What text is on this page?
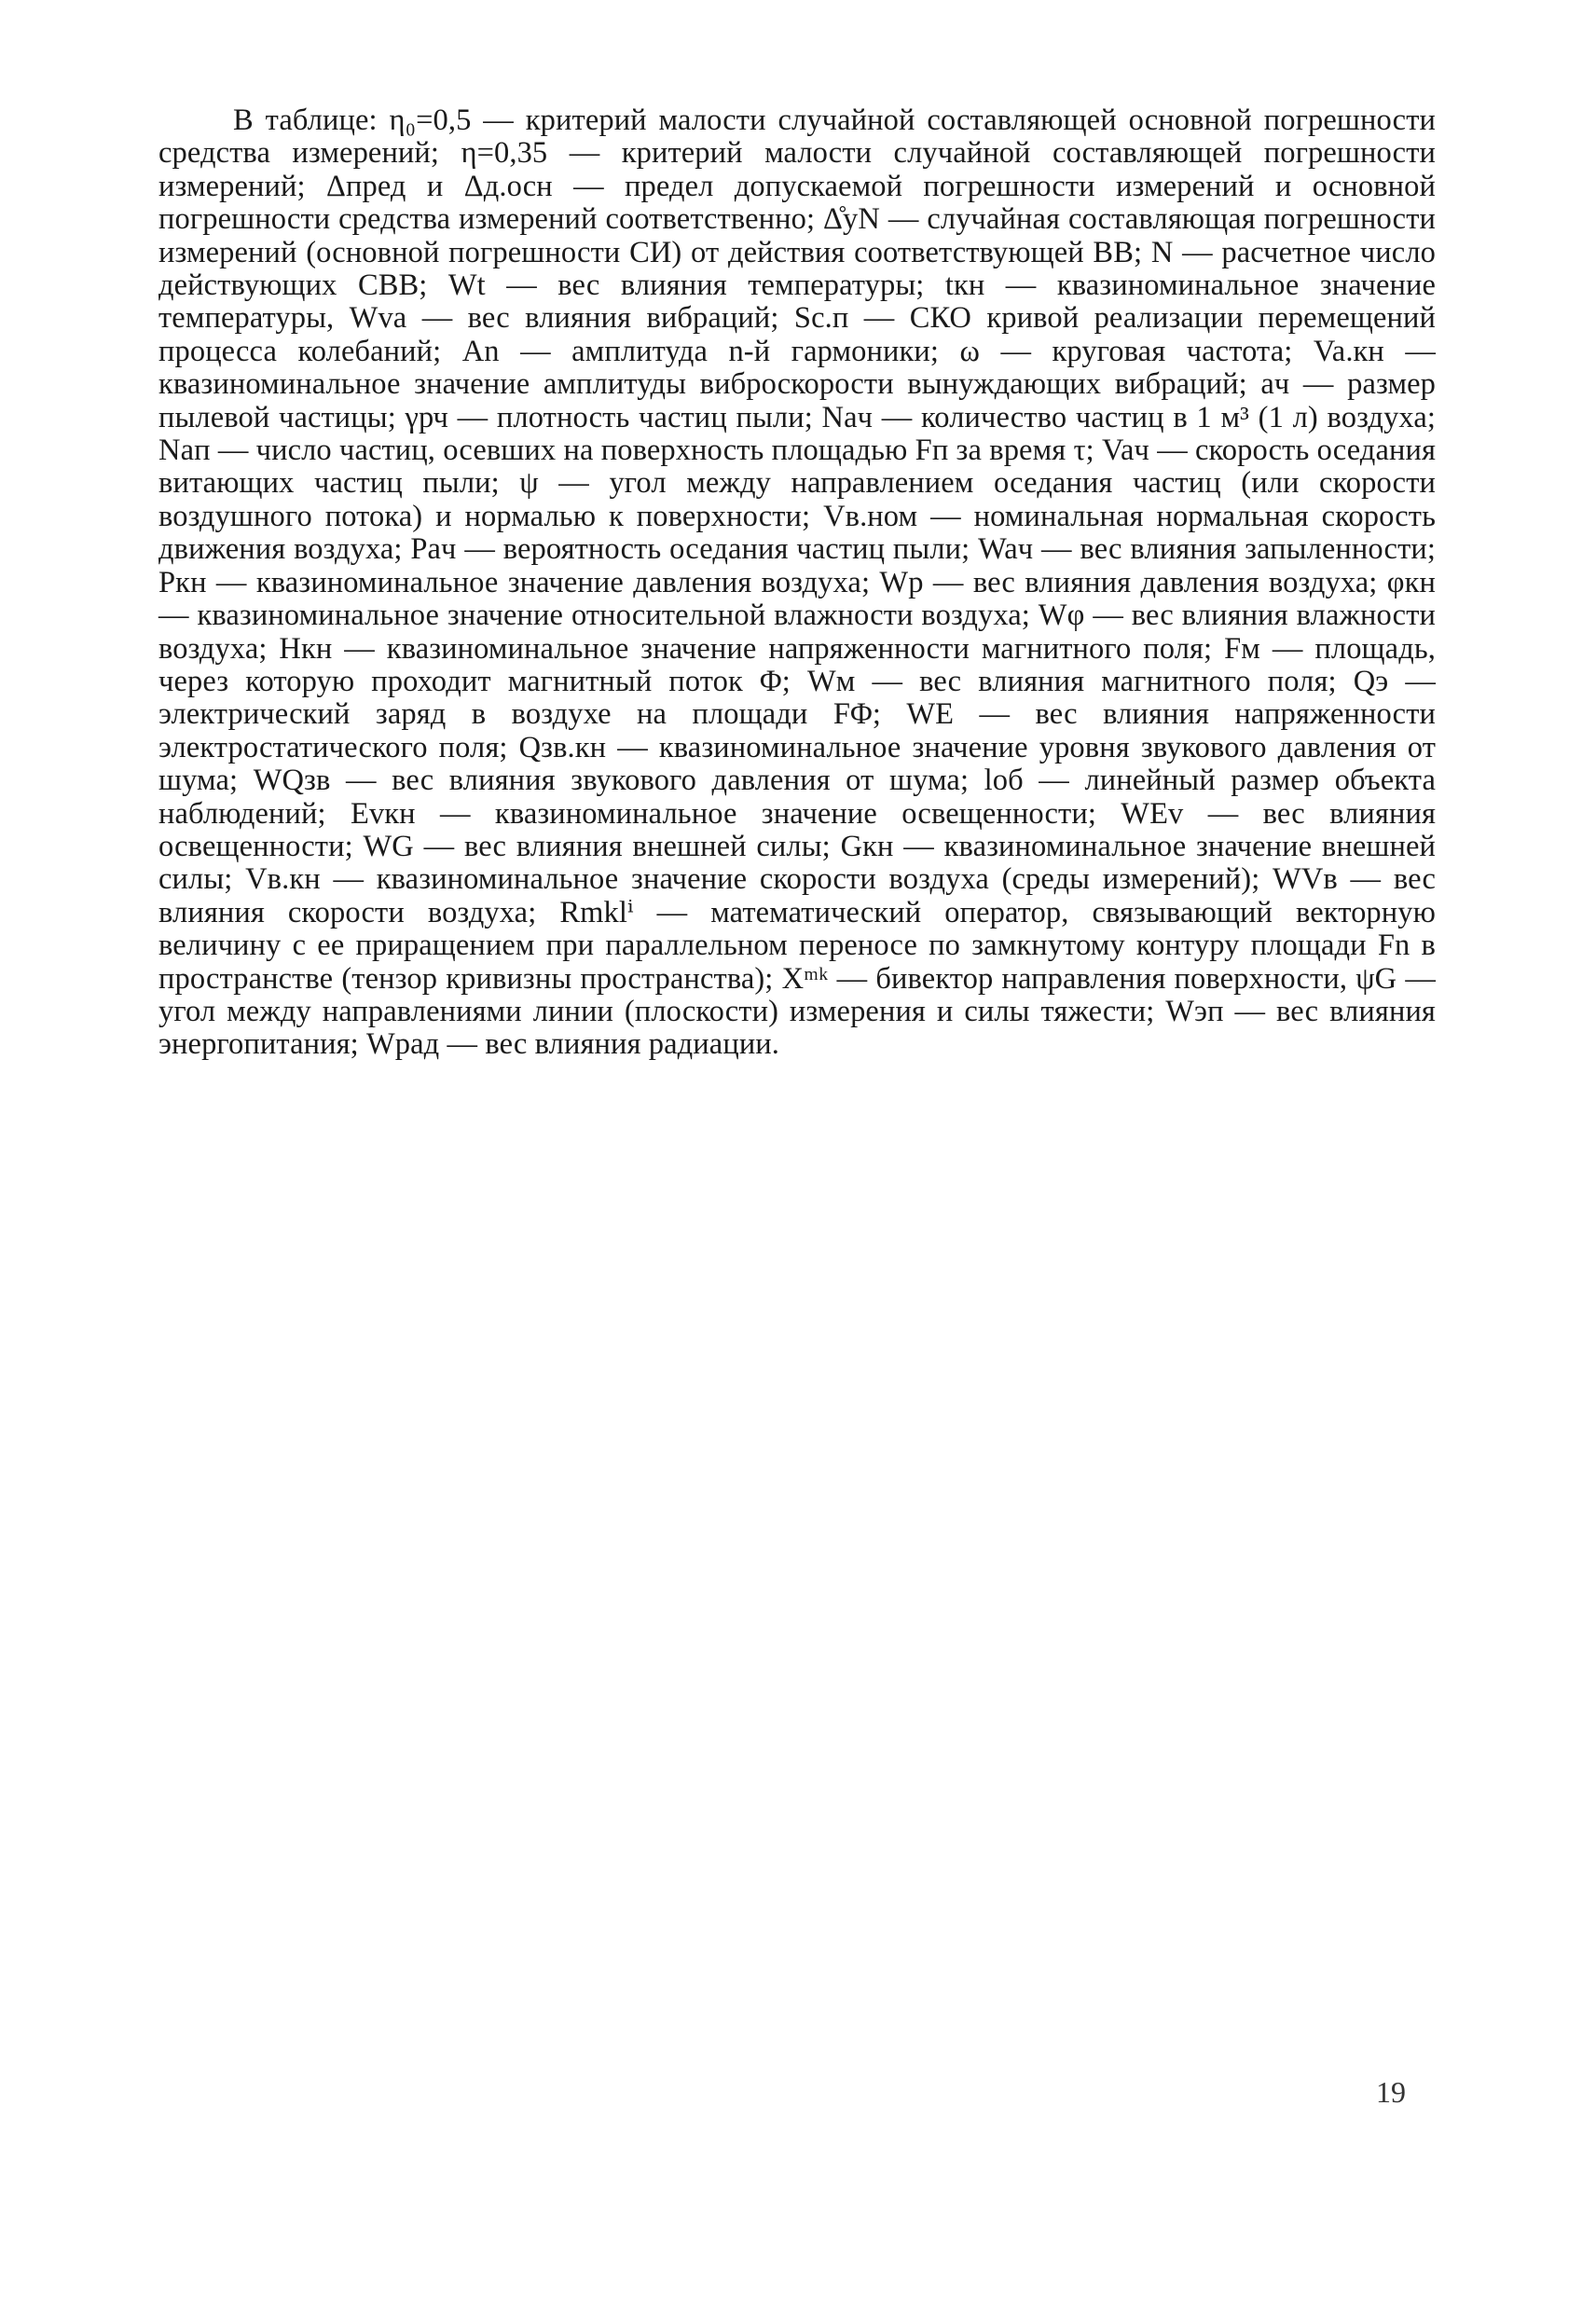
В таблице: η₀=0,5 — критерий малости случайной составляющей основной погрешности средства измерений; η=0,35 — критерий малости случайной составляющей погрешности измерений; Δпред и Δд.осн — предел допускаемой погрешности измерений и основной погрешности средства измерений соответственно; Δ̊yN — случайная составляющая погрешности измерений (основной погрешности СИ) от действия соответствующей ВВ; N — расчетное число действующих СВВ; Wt — вес влияния температуры; tкн — квазиноминальное значение температуры, Wva — вес влияния вибраций; Sс.п — СКО кривой реализации перемещений процесса колебаний; An — амплитуда n-й гармоники; ω — круговая частота; Va.кн — квазиноминальное значение амплитуды виброскорости вынуждающих вибраций; aч — размер пылевой частицы; γрч — плотность частиц пыли; Naч — количество частиц в 1 м³ (1 л) воздуха; Naп — число частиц, осевших на поверхность площадью Fп за время τ; Vaч — скорость оседания витающих частиц пыли; ψ — угол между направлением оседания частиц (или скорости воздушного потока) и нормалью к поверхности; Vв.ном — номинальная нормальная скорость движения воздуха; Paч — вероятность оседания частиц пыли; Waч — вес влияния запыленности; Pкн — квазиноминальное значение давления воздуха; Wp — вес влияния давления воздуха; φкн — квазиноминальное значение относительной влажности воздуха; Wφ — вес влияния влажности воздуха; Hкн — квазиноминальное значение напряженности магнитного поля; Fм — площадь, через которую проходит магнитный поток Φ; Wм — вес влияния магнитного поля; Qэ — электрический заряд в воздухе на площади FΦ; WE — вес влияния напряженности электростатического поля; Qзв.кн — квазиноминальное значение уровня звукового давления от шума; WQзв — вес влияния звукового давления от шума; lоб — линейный размер объекта наблюдений; Evкн — квазиноминальное значение освещенности; WEv — вес влияния освещенности; WG — вес влияния внешней силы; Gкн — квазиноминальное значение внешней силы; Vв.кн — квазиноминальное значение скорости воздуха (среды измерений); WVв — вес влияния скорости воздуха; Rmklⁱ — математический оператор, связывающий векторную величину с ее приращением при параллельном переносе по замкнутому контуру площади Fn в пространстве (тензор кривизны пространства); Xᵐᵏ — бивектор направления поверхности, ψG — угол между направлениями линии (плоскости) измерения и силы тяжести; Wэп — вес влияния энергопитания; Wрад — вес влияния радиации.

19
